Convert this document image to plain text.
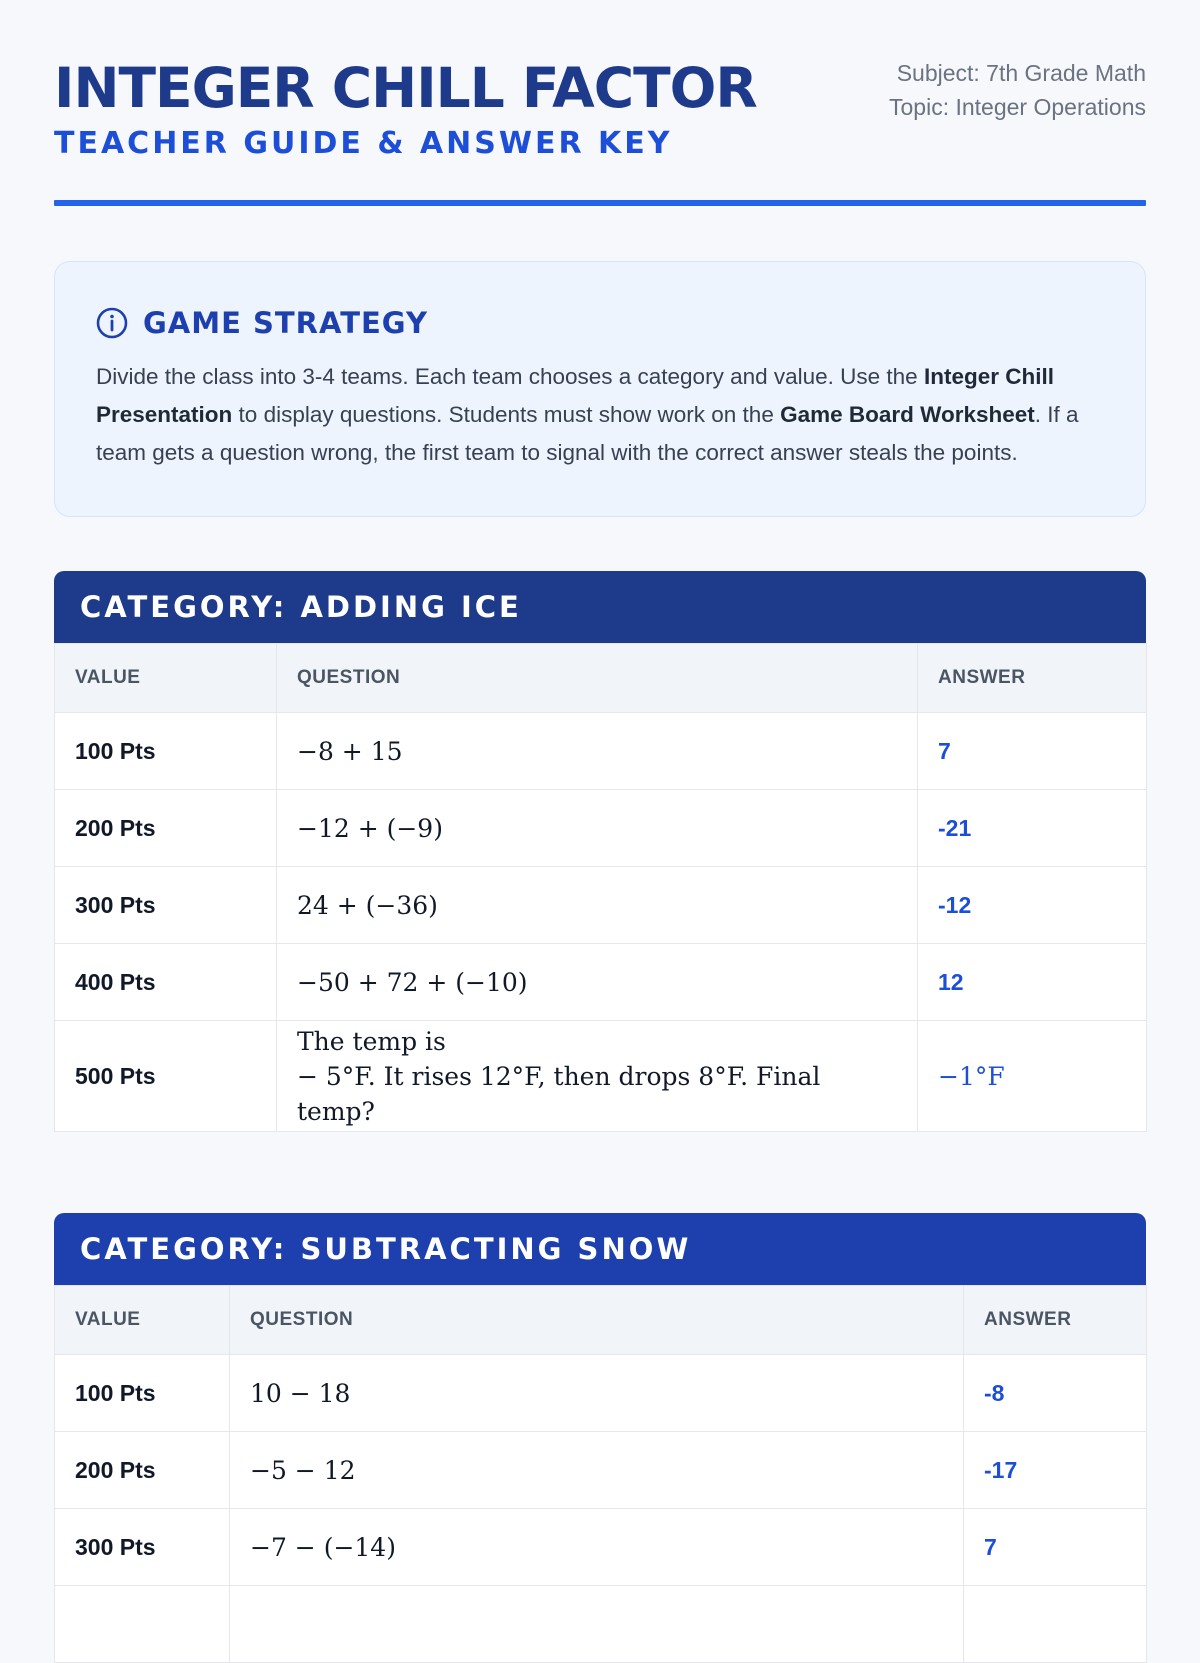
INTEGER CHILL FACTOR
TEACHER GUIDE & ANSWER KEY
Subject: 7th Grade Math
Topic: Integer Operations
GAME STRATEGY
Divide the class into 3-4 teams. Each team chooses a category and value. Use the Integer Chill Presentation to display questions. Students must show work on the Game Board Worksheet. If a team gets a question wrong, the first team to signal with the correct answer steals the points.
CATEGORY: ADDING ICE
VALUE	QUESTION	ANSWER
100 Pts	−8 + 15	7
200 Pts	−12 + (−9)	-21
300 Pts	24 + (−36)	-12
400 Pts	−50 + 72 + (−10)	12
500 Pts	The temp is
− 5°F. It rises 12°F, then drops 8°F. Final temp?	−1°F
CATEGORY: SUBTRACTING SNOW
VALUE	QUESTION	ANSWER
100 Pts	10 − 18	-8
200 Pts	−5 − 12	-17
300 Pts	−7 − (−14)	7
